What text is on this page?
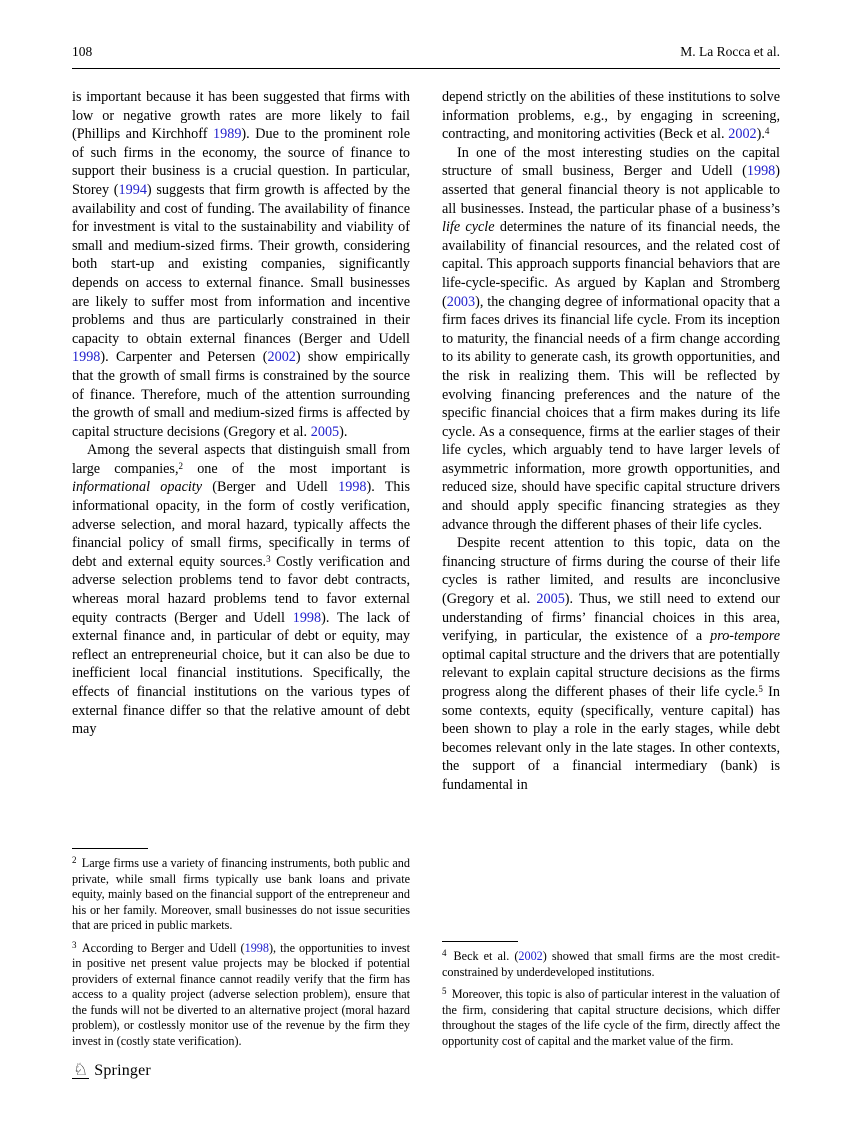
108	M. La Rocca et al.

is important because it has been suggested that firms with low or negative growth rates are more likely to fail (Phillips and Kirchhoff 1989). Due to the prominent role of such firms in the economy, the source of finance to support their business is a crucial question. In particular, Storey (1994) suggests that firm growth is affected by the availability and cost of funding. The availability of finance for investment is vital to the sustainability and viability of small and medium-sized firms. Their growth, considering both start-up and existing companies, significantly depends on access to external finance. Small businesses are likely to suffer most from information and incentive problems and thus are particularly constrained in their capacity to obtain external finances (Berger and Udell 1998). Carpenter and Petersen (2002) show empirically that the growth of small firms is constrained by the source of finance. Therefore, much of the attention surrounding the growth of small and medium-sized firms is affected by capital structure decisions (Gregory et al. 2005).

Among the several aspects that distinguish small from large companies,$^2$ one of the most important is informational opacity (Berger and Udell 1998). This informational opacity, in the form of costly verification, adverse selection, and moral hazard, typically affects the financial policy of small firms, specifically in terms of debt and external equity sources.$^3$ Costly verification and adverse selection problems tend to favor debt contracts, whereas moral hazard problems tend to favor external equity contracts (Berger and Udell 1998). The lack of external finance and, in particular of debt or equity, may reflect an entrepreneurial choice, but it can also be due to inefficient local financial institutions. Specifically, the effects of financial institutions on the various types of external finance differ so that the relative amount of debt may

$^2$ Large firms use a variety of financing instruments, both public and private, while small firms typically use bank loans and private equity, mainly based on the financial support of the entrepreneur and his or her family. Moreover, small businesses do not issue securities that are priced in public markets.
$^3$ According to Berger and Udell (1998), the opportunities to invest in positive net present value projects may be blocked if potential providers of external finance cannot readily verify that the firm has access to a quality project (adverse selection problem), ensure that the funds will not be diverted to an alternative project (moral hazard problem), or costlessly monitor use of the revenue by the firm they invest in (costly state verification).

depend strictly on the abilities of these institutions to solve information problems, e.g., by engaging in screening, contracting, and monitoring activities (Beck et al. 2002).$^4$

In one of the most interesting studies on the capital structure of small business, Berger and Udell (1998) asserted that general financial theory is not applicable to all businesses. Instead, the particular phase of a business’s life cycle determines the nature of its financial needs, the availability of financial resources, and the related cost of capital. This approach supports financial behaviors that are life-cycle-specific. As argued by Kaplan and Stromberg (2003), the changing degree of informational opacity that a firm faces drives its financial life cycle. From its inception to maturity, the financial needs of a firm change according to its ability to generate cash, its growth opportunities, and the risk in realizing them. This will be reflected by evolving financing preferences and the nature of the specific financial choices that a firm makes during its life cycle. As a consequence, firms at the earlier stages of their life cycles, which arguably tend to have larger levels of asymmetric information, more growth opportunities, and reduced size, should have specific capital structure drivers and should apply specific financing strategies as they advance through the different phases of their life cycles.

Despite recent attention to this topic, data on the financing structure of firms during the course of their life cycles is rather limited, and results are inconclusive (Gregory et al. 2005). Thus, we still need to extend our understanding of firms’ financial choices in this area, verifying, in particular, the existence of a pro-tempore optimal capital structure and the drivers that are potentially relevant to explain capital structure decisions as the firms progress along the different phases of their life cycle.$^5$ In some contexts, equity (specifically, venture capital) has been shown to play a role in the early stages, while debt becomes relevant only in the late stages. In other contexts, the support of a financial intermediary (bank) is fundamental in

$^4$ Beck et al. (2002) showed that small firms are the most credit-constrained by underdeveloped institutions.
$^5$ Moreover, this topic is also of particular interest in the valuation of the firm, considering that capital structure decisions, which differ throughout the stages of the life cycle of the firm, directly affect the opportunity cost of capital and the market value of the firm.
♘ Springer
